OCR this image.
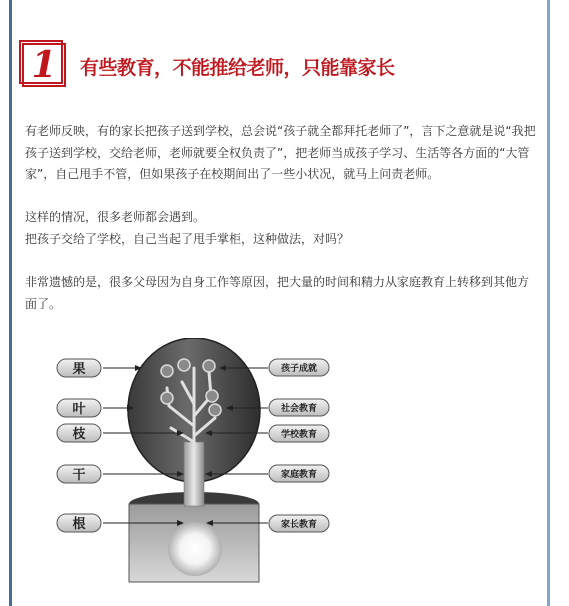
1	有些教育，不能推给老师，只能靠家长

有老师反映，有的家长把孩子送到学校，总会说“孩子就全都拜托老师了”，言下之意就是说“我把孩子送到学校，交给老师，老师就要全权负责了”，把老师当成孩子学习、生活等各方面的“大管家”，自己甩手不管，但如果孩子在校期间出了一些小状况，就马上问责老师。

这样的情况，很多老师都会遇到。
把孩子交给了学校，自己当起了甩手掌柜，这种做法，对吗？

非常遗憾的是，很多父母因为自身工作等原因，把大量的时间和精力从家庭教育上转移到其他方面了。

果
叶
枝
干
根
孩子成就
社会教育
学校教育
家庭教育
家长教育
